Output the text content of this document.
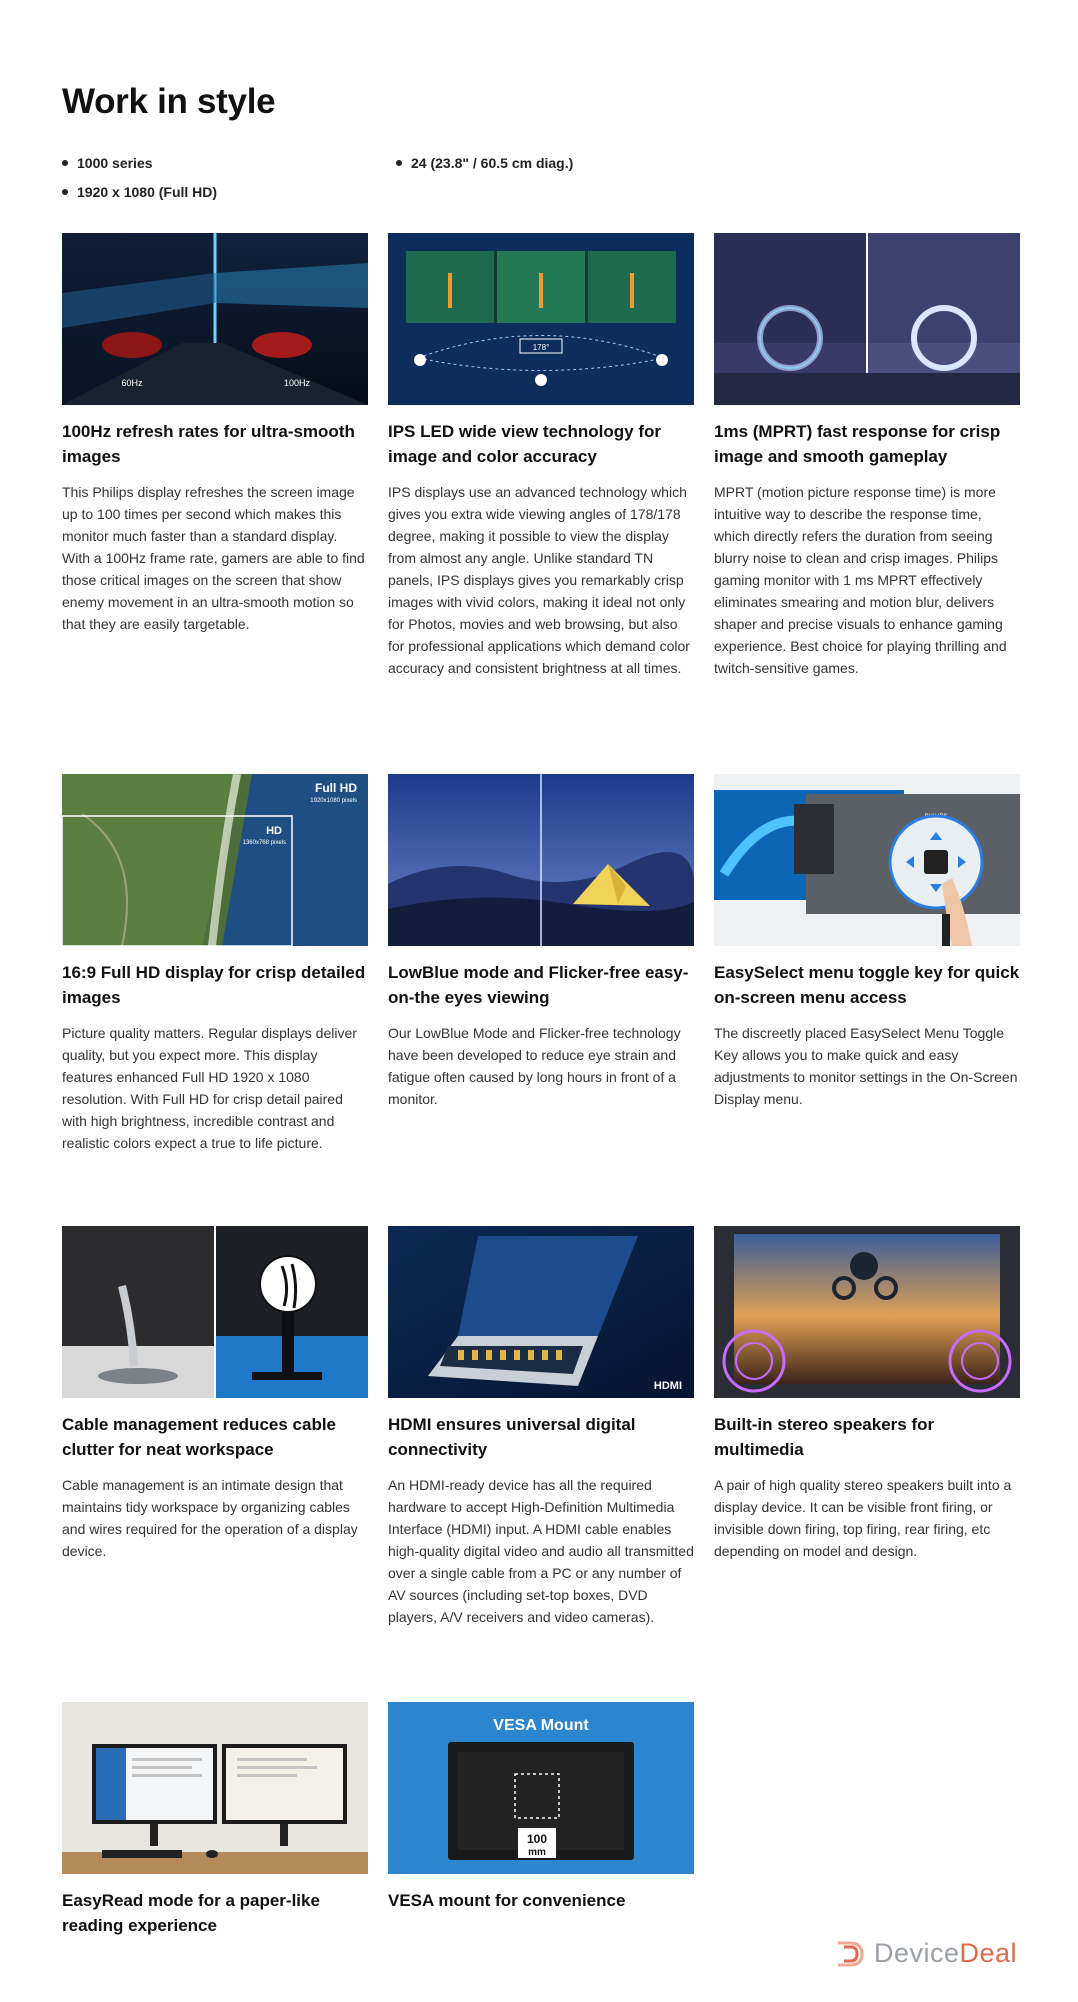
Work in style
1000 series	24 (23.8" / 60.5 cm diag.)
1920 x 1080 (Full HD)
60Hz	100Hz
100Hz refresh rates for ultra-smooth images

This Philips display refreshes the screen image up to 100 times per second which makes this monitor much faster than a standard display. With a 100Hz frame rate, gamers are able to find those critical images on the screen that show enemy movement in an ultra-smooth motion so that they are easily targetable.

178°
IPS LED wide view technology for image and color accuracy

IPS displays use an advanced technology which gives you extra wide viewing angles of 178/178 degree, making it possible to view the display from almost any angle. Unlike standard TN panels, IPS displays gives you remarkably crisp images with vivid colors, making it ideal not only for Photos, movies and web browsing, but also for professional applications which demand color accuracy and consistent brightness at all times.

1ms (MPRT) fast response for crisp image and smooth gameplay

MPRT (motion picture response time) is more intuitive way to describe the response time, which directly refers the duration from seeing blurry noise to clean and crisp images. Philips gaming monitor with 1 ms MPRT effectively eliminates smearing and motion blur, delivers shaper and precise visuals to enhance gaming experience. Best choice for playing thrilling and twitch-sensitive games.

Full HD
1920x1080 pixels
HD
1360x768 pixels
16:9 Full HD display for crisp detailed images

Picture quality matters. Regular displays deliver quality, but you expect more. This display features enhanced Full HD 1920 x 1080 resolution. With Full HD for crisp detail paired with high brightness, incredible contrast and realistic colors expect a true to life picture.

LowBlue mode and Flicker-free easy-on-the eyes viewing

Our LowBlue Mode and Flicker-free technology have been developed to reduce eye strain and fatigue often caused by long hours in front of a monitor.

EasySelect menu toggle key for quick on-screen menu access

The discreetly placed EasySelect Menu Toggle Key allows you to make quick and easy adjustments to monitor settings in the On-Screen Display menu.

Cable management reduces cable clutter for neat workspace

Cable management is an intimate design that maintains tidy workspace by organizing cables and wires required for the operation of a display device.

HDMI
HDMI ensures universal digital connectivity

An HDMI-ready device has all the required hardware to accept High-Definition Multimedia Interface (HDMI) input. A HDMI cable enables high-quality digital video and audio all transmitted over a single cable from a PC or any number of AV sources (including set-top boxes, DVD players, A/V receivers and video cameras).

Built-in stereo speakers for multimedia

A pair of high quality stereo speakers built into a display device. It can be visible front firing, or invisible down firing, top firing, rear firing, etc depending on model and design.

EasyRead mode for a paper-like reading experience
VESA Mount
100
mm
VESA mount for convenience
Device Deal
